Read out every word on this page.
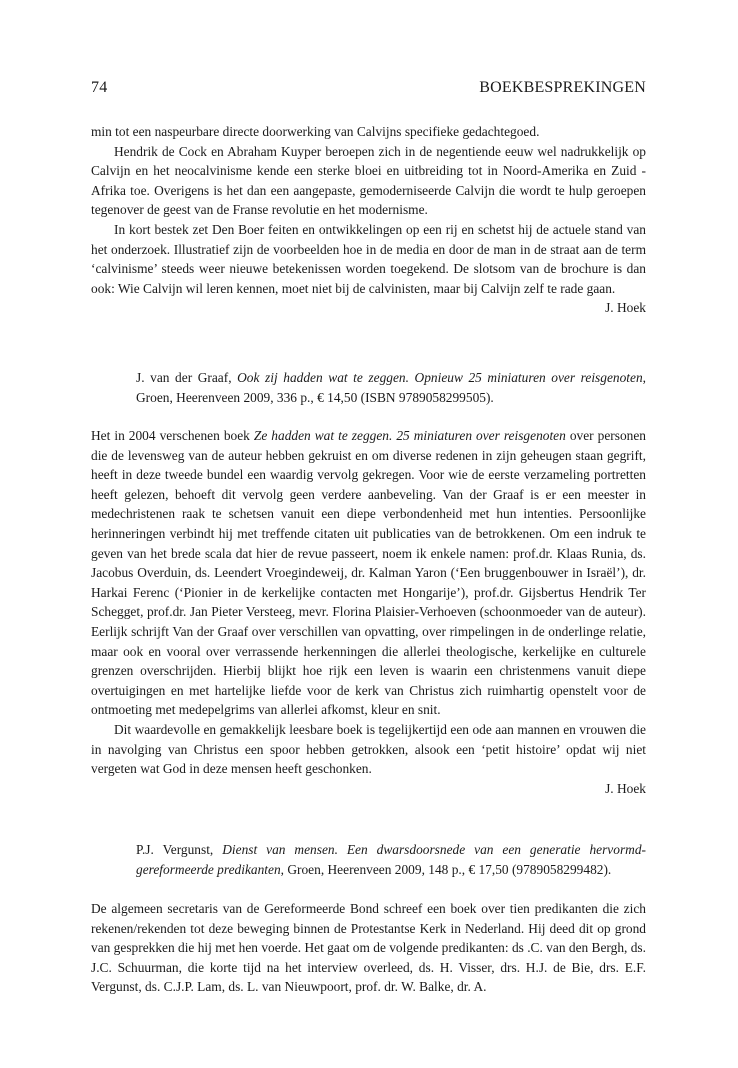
74	BOEKBESPREKINGEN

min tot een naspeurbare directe doorwerking van Calvijns specifieke gedachtegoed.

Hendrik de Cock en Abraham Kuyper beroepen zich in de negentiende eeuw wel nadrukkelijk op Calvijn en het neocalvinisme kende een sterke bloei en uitbreiding tot in Noord-Amerika en Zuid - Afrika toe. Overigens is het dan een aangepaste, gemoderniseerde Calvijn die wordt te hulp geroepen tegenover de geest van de Franse revolutie en het modernisme.

In kort bestek zet Den Boer feiten en ontwikkelingen op een rij en schetst hij de actuele stand van het onderzoek. Illustratief zijn de voorbeelden hoe in de media en door de man in de straat aan de term ‘calvinisme’ steeds weer nieuwe betekenissen worden toegekend. De slotsom van de brochure is dan ook: Wie Calvijn wil leren kennen, moet niet bij de calvinisten, maar bij Calvijn zelf te rade gaan.

J. Hoek

J. van der Graaf, Ook zij hadden wat te zeggen. Opnieuw 25 miniaturen over reisgenoten, Groen, Heerenveen 2009, 336 p., € 14,50 (ISBN 9789058299505).

Het in 2004 verschenen boek Ze hadden wat te zeggen. 25 miniaturen over reisgenoten over personen die de levensweg van de auteur hebben gekruist en om diverse redenen in zijn geheugen staan gegrift, heeft in deze tweede bundel een waardig vervolg gekregen. Voor wie de eerste verzameling portretten heeft gelezen, behoeft dit vervolg geen verdere aanbeveling. Van der Graaf is er een meester in medechristenen raak te schetsen vanuit een diepe verbondenheid met hun intenties. Persoonlijke herinneringen verbindt hij met treffende citaten uit publicaties van de betrokkenen. Om een indruk te geven van het brede scala dat hier de revue passeert, noem ik enkele namen: prof.dr. Klaas Runia, ds. Jacobus Overduin, ds. Leendert Vroegindeweij, dr. Kalman Yaron (‘Een bruggenbouwer in Israël’), dr. Harkai Ferenc (‘Pionier in de kerkelijke contacten met Hongarije’), prof.dr. Gijsbertus Hendrik Ter Schegget, prof.dr. Jan Pieter Versteeg, mevr. Florina Plaisier-Verhoeven (schoonmoeder van de auteur). Eerlijk schrijft Van der Graaf over verschillen van opvatting, over rimpelingen in de onderlinge relatie, maar ook en vooral over verrassende herkenningen die allerlei theologische, kerkelijke en culturele grenzen overschrijden. Hierbij blijkt hoe rijk een leven is waarin een christenmens vanuit diepe overtuigingen en met hartelijke liefde voor de kerk van Christus zich ruimhartig openstelt voor de ontmoeting met medepelgrims van allerlei afkomst, kleur en snit.

Dit waardevolle en gemakkelijk leesbare boek is tegelijkertijd een ode aan mannen en vrouwen die in navolging van Christus een spoor hebben getrokken, alsook een ‘petit histoire’ opdat wij niet vergeten wat God in deze mensen heeft geschonken.

J. Hoek

P.J. Vergunst, Dienst van mensen. Een dwarsdoorsnede van een generatie hervormd-gereformeerde predikanten, Groen, Heerenveen 2009, 148 p., € 17,50 (9789058299482).

De algemeen secretaris van de Gereformeerde Bond schreef een boek over tien predikanten die zich rekenen/rekenden tot deze beweging binnen de Protestantse Kerk in Nederland. Hij deed dit op grond van gesprekken die hij met hen voerde. Het gaat om de volgende predikanten: ds .C. van den Bergh, ds. J.C. Schuurman, die korte tijd na het interview overleed, ds. H. Visser, drs. H.J. de Bie, drs. E.F. Vergunst, ds. C.J.P. Lam, ds. L. van Nieuwpoort, prof. dr. W. Balke, dr. A.
